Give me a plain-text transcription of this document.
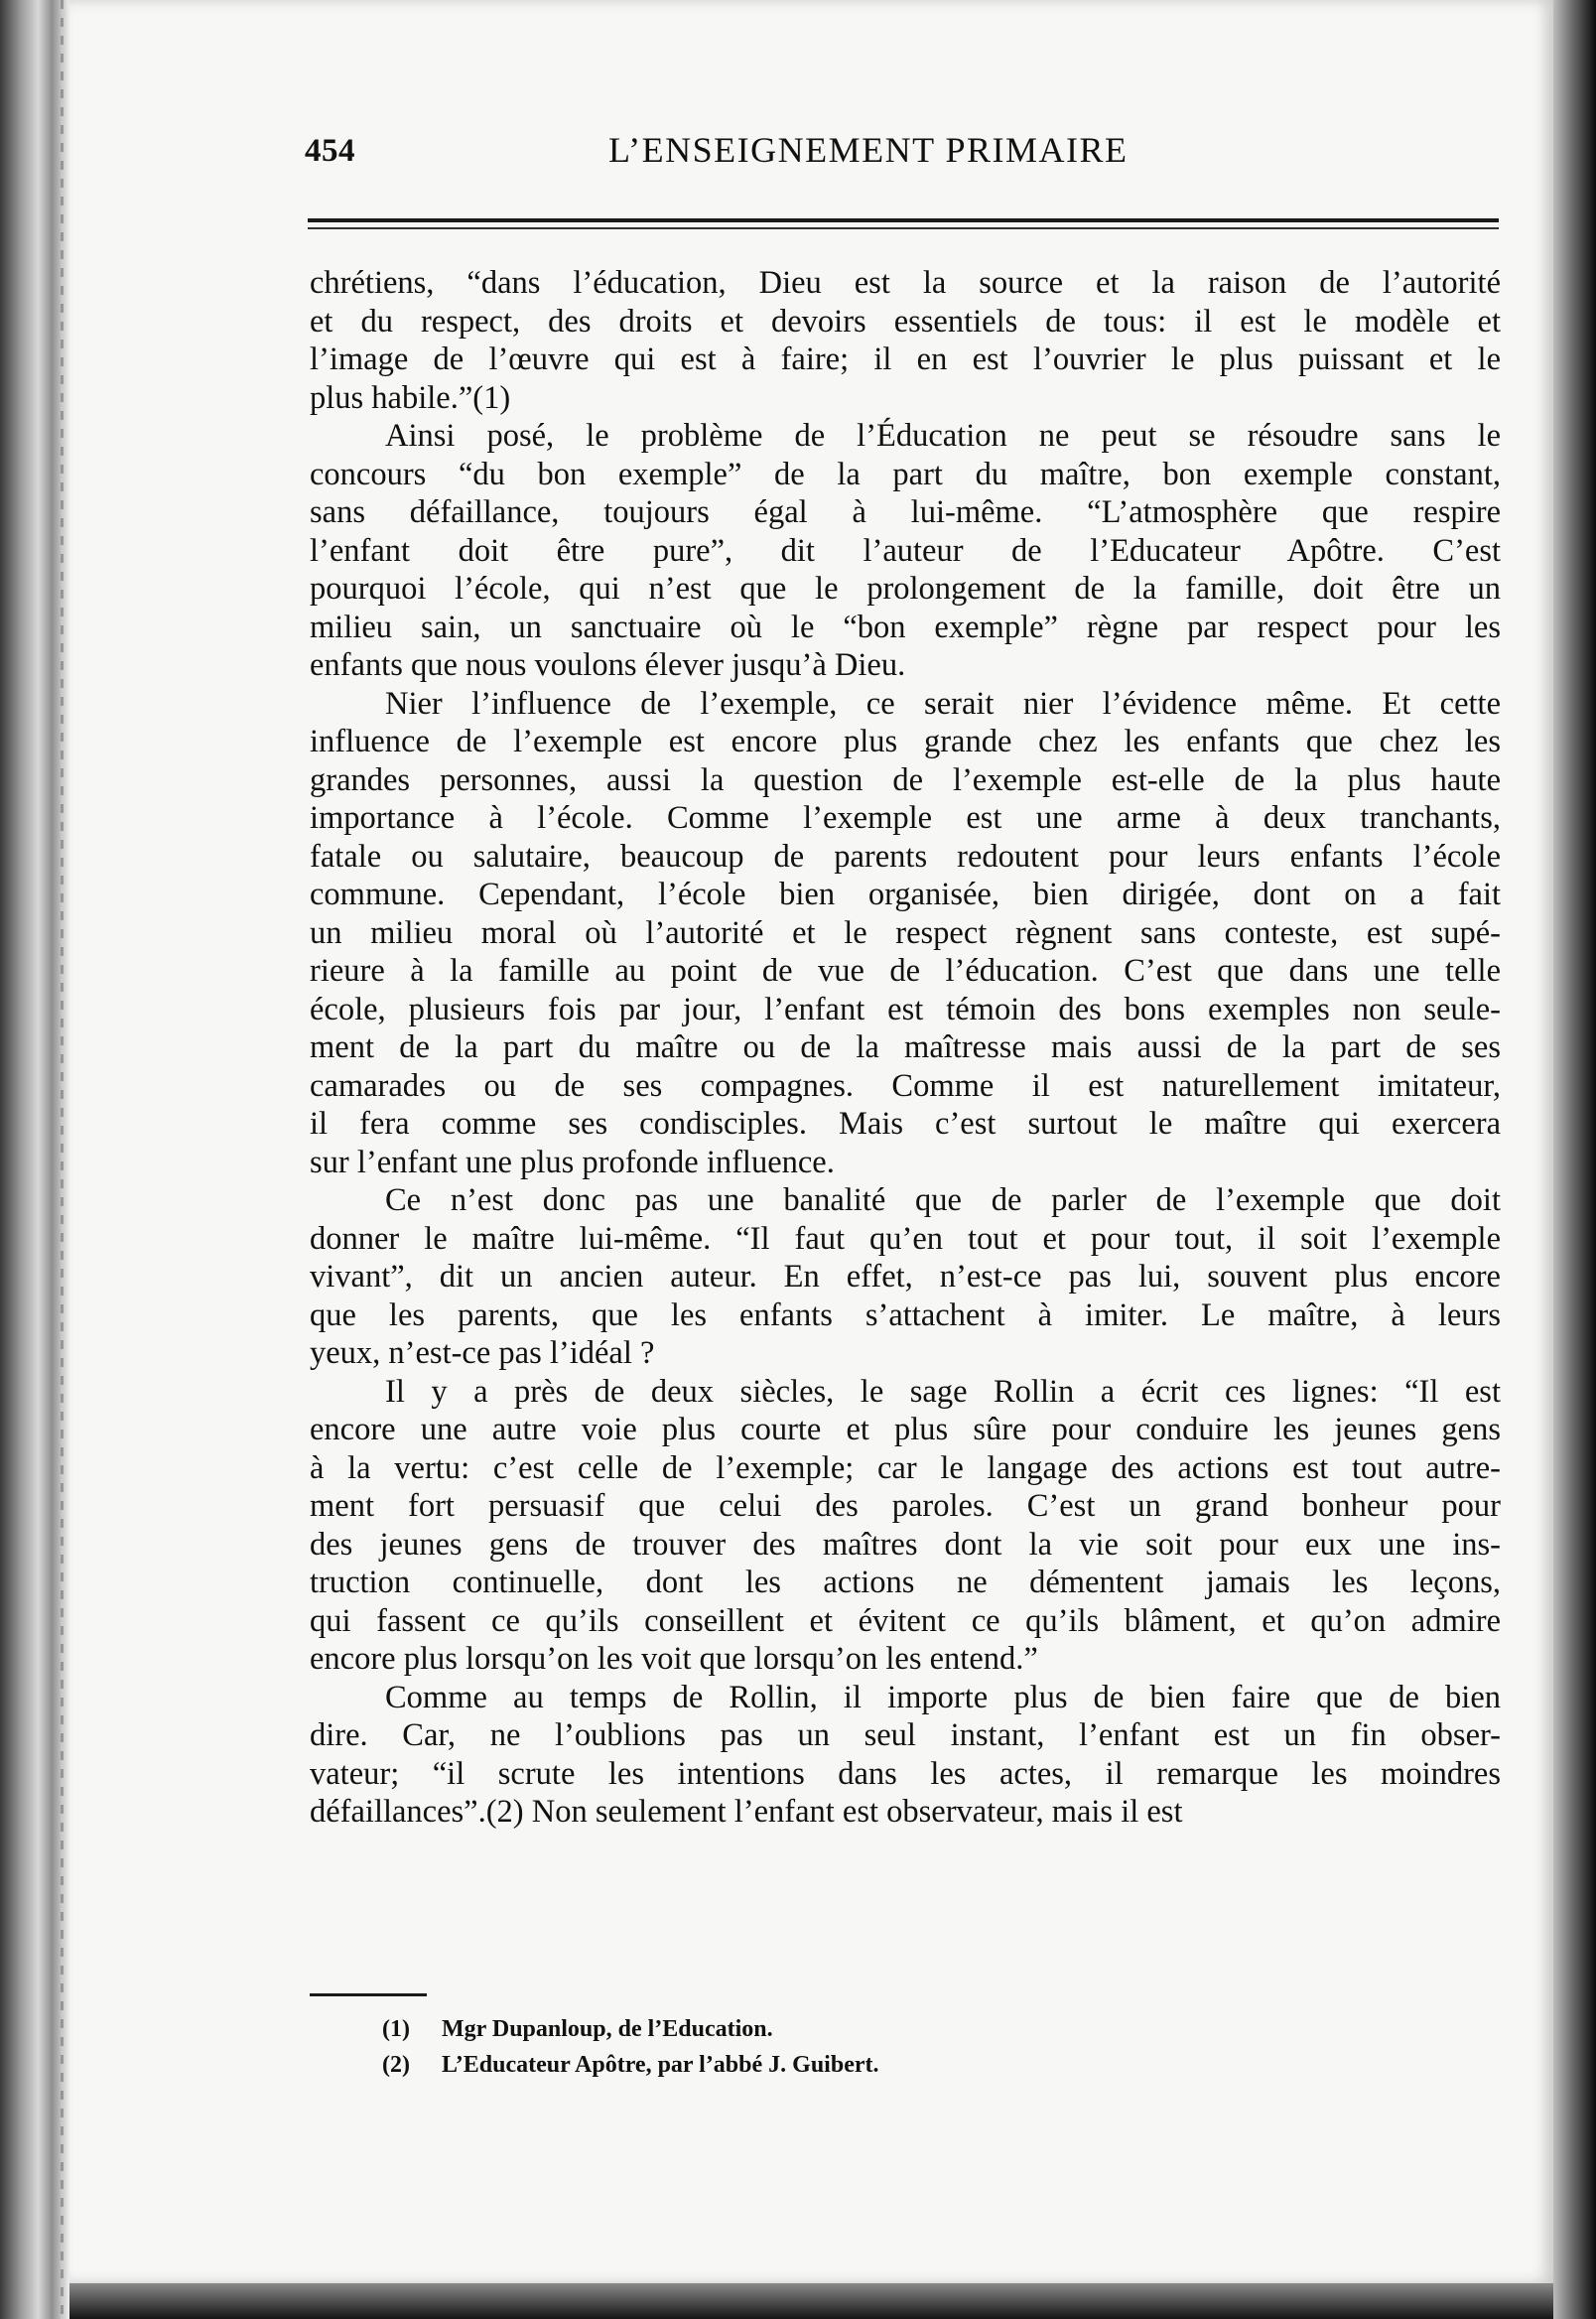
454	L’ENSEIGNEMENT PRIMAIRE
chrétiens, “dans l’éducation, Dieu est la source et la raison de l’autorité
et du respect, des droits et devoirs essentiels de tous: il est le modèle et
l’image de l’œuvre qui est à faire; il en est l’ouvrier le plus puissant et le
plus habile.”(1)
Ainsi posé, le problème de l’Éducation ne peut se résoudre sans le
concours “du bon exemple” de la part du maître, bon exemple constant,
sans défaillance, toujours égal à lui-même. “L’atmosphère que respire
l’enfant doit être pure”, dit l’auteur de l’Educateur Apôtre. C’est
pourquoi l’école, qui n’est que le prolongement de la famille, doit être un
milieu sain, un sanctuaire où le “bon exemple” règne par respect pour les
enfants que nous voulons élever jusqu’à Dieu.
Nier l’influence de l’exemple, ce serait nier l’évidence même. Et cette
influence de l’exemple est encore plus grande chez les enfants que chez les
grandes personnes, aussi la question de l’exemple est-elle de la plus haute
importance à l’école. Comme l’exemple est une arme à deux tranchants,
fatale ou salutaire, beaucoup de parents redoutent pour leurs enfants l’école
commune. Cependant, l’école bien organisée, bien dirigée, dont on a fait
un milieu moral où l’autorité et le respect règnent sans conteste, est supé-
rieure à la famille au point de vue de l’éducation. C’est que dans une telle
école, plusieurs fois par jour, l’enfant est témoin des bons exemples non seule-
ment de la part du maître ou de la maîtresse mais aussi de la part de ses
camarades ou de ses compagnes. Comme il est naturellement imitateur,
il fera comme ses condisciples. Mais c’est surtout le maître qui exercera
sur l’enfant une plus profonde influence.
Ce n’est donc pas une banalité que de parler de l’exemple que doit
donner le maître lui-même. “Il faut qu’en tout et pour tout, il soit l’exemple
vivant”, dit un ancien auteur. En effet, n’est-ce pas lui, souvent plus encore
que les parents, que les enfants s’attachent à imiter. Le maître, à leurs
yeux, n’est-ce pas l’idéal ?
Il y a près de deux siècles, le sage Rollin a écrit ces lignes: “Il est
encore une autre voie plus courte et plus sûre pour conduire les jeunes gens
à la vertu: c’est celle de l’exemple; car le langage des actions est tout autre-
ment fort persuasif que celui des paroles. C’est un grand bonheur pour
des jeunes gens de trouver des maîtres dont la vie soit pour eux une ins-
truction continuelle, dont les actions ne démentent jamais les leçons,
qui fassent ce qu’ils conseillent et évitent ce qu’ils blâment, et qu’on admire
encore plus lorsqu’on les voit que lorsqu’on les entend.”
Comme au temps de Rollin, il importe plus de bien faire que de bien
dire. Car, ne l’oublions pas un seul instant, l’enfant est un fin obser-
vateur; “il scrute les intentions dans les actes, il remarque les moindres
défaillances”.(2) Non seulement l’enfant est observateur, mais il est
(1) Mgr Dupanloup, de l’Education.
(2) L’Educateur Apôtre, par l’abbé J. Guibert.
